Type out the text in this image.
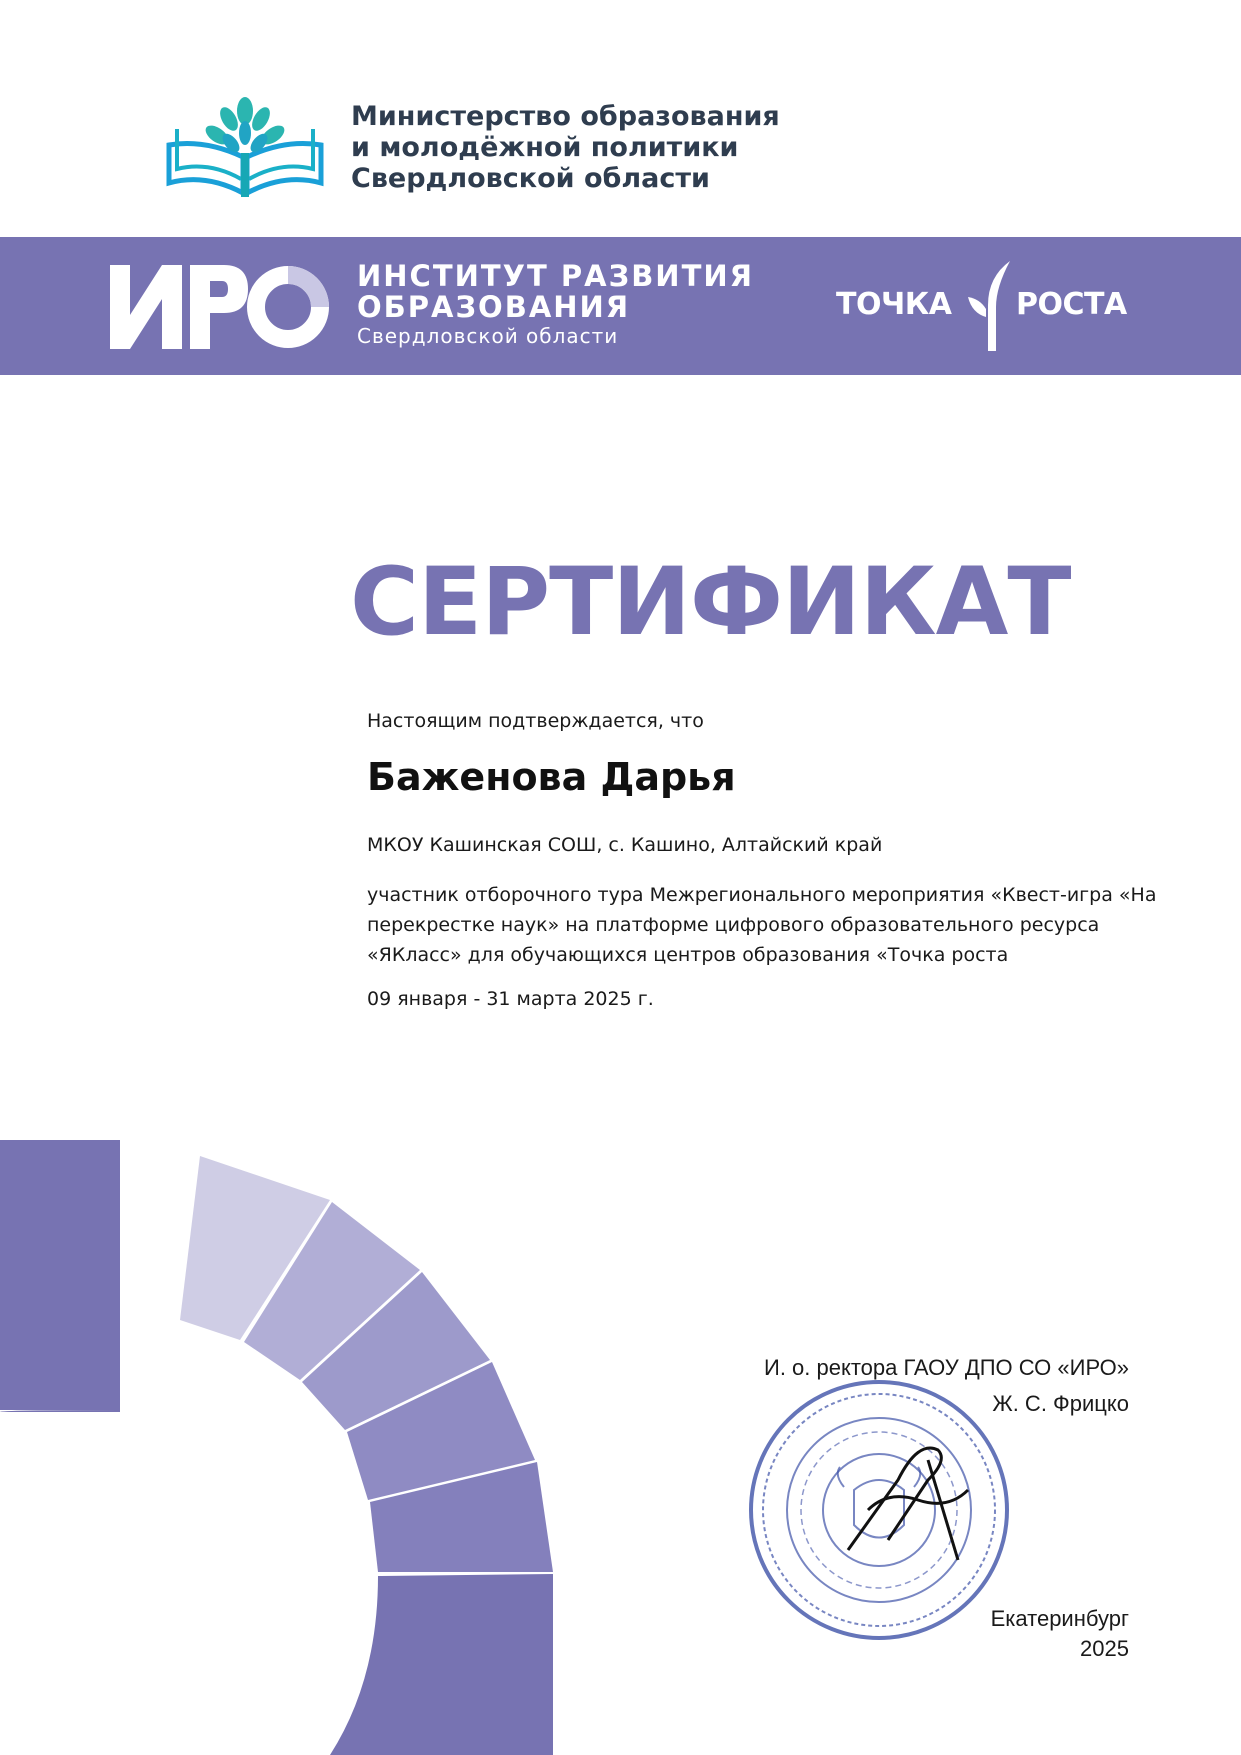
Министерство образования
и молодёжной политики
Свердловской области
ИНСТИТУТ РАЗВИТИЯ
ОБРАЗОВАНИЯ
Свердловской области
ТОЧКА РОСТА
СЕРТИФИКАТ
Настоящим подтверждается, что
Баженова Дарья
МКОУ Кашинская СОШ, с. Кашино, Алтайский край
участник отборочного тура Межрегионального мероприятия «Квест-игра «На
перекрестке наук» на платформе цифрового образовательного ресурса
«ЯКласс» для обучающихся центров образования «Точка роста
09 января - 31 марта 2025 г.
И. о. ректора ГАОУ ДПО СО «ИРО»
Ж. С. Фрицко
Екатеринбург
2025
